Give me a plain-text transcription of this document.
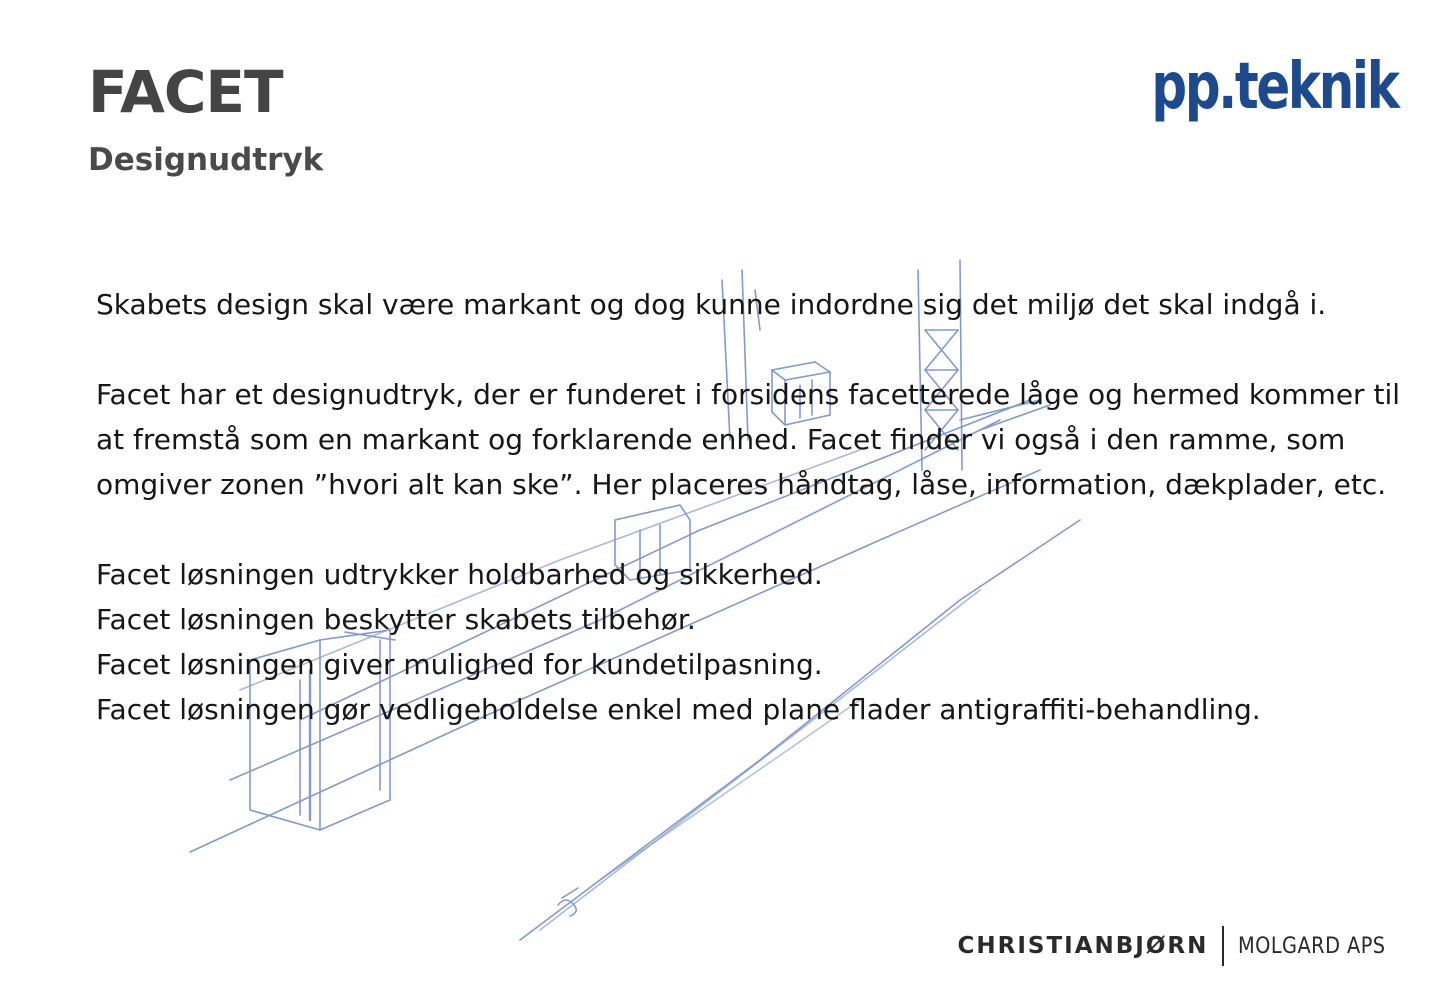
FACET
Designudtryk
pp.teknik

Skabets design skal være markant og dog kunne indordne sig det miljø det skal indgå i.

Facet har et designudtryk, der er funderet i forsidens facetterede låge og hermed kommer til at fremstå som en markant og forklarende enhed. Facet finder vi også i den ramme, som omgiver zonen ”hvori alt kan ske”. Her placeres håndtag, låse, information, dækplader, etc.

Facet løsningen udtrykker holdbarhed og sikkerhed.
Facet løsningen beskytter skabets tilbehør.
Facet løsningen giver mulighed for kundetilpasning.
Facet løsningen gør vedligeholdelse enkel med plane flader antigraffiti-behandling.
CHRISTIANBJØRN MOLGARD APS
